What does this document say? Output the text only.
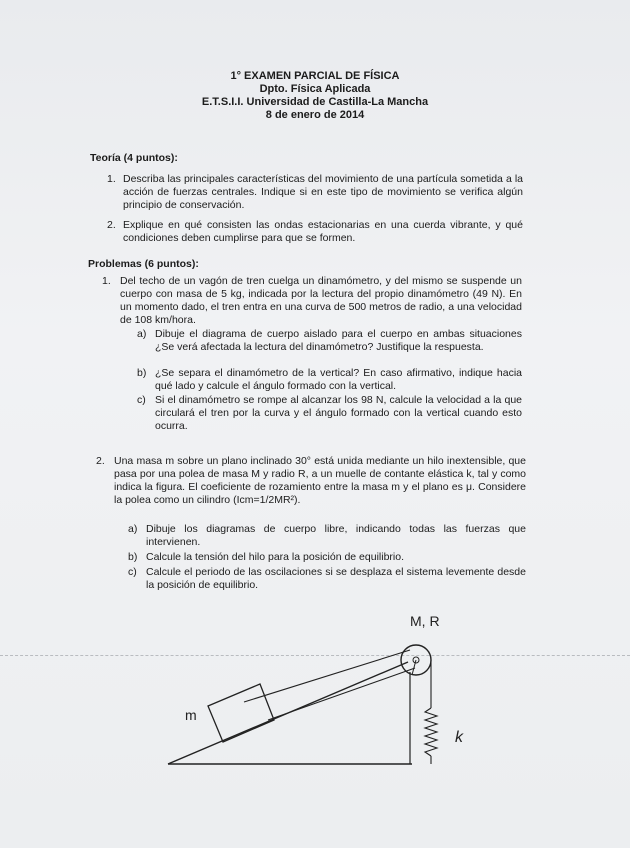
1° EXAMEN PARCIAL DE FÍSICA
Dpto. Física Aplicada
E.T.S.I.I. Universidad de Castilla-La Mancha
8 de enero de 2014
Teoría (4 puntos):
1. Describa las principales características del movimiento de una partícula sometida a la acción de fuerzas centrales. Indique si en este tipo de movimiento se verifica algún principio de conservación.
2. Explique en qué consisten las ondas estacionarias en una cuerda vibrante, y qué condiciones deben cumplirse para que se formen.
Problemas (6 puntos):
1. Del techo de un vagón de tren cuelga un dinamómetro, y del mismo se suspende un cuerpo con masa de 5 kg, indicada por la lectura del propio dinamómetro (49 N). En un momento dado, el tren entra en una curva de 500 metros de radio, a una velocidad de 108 km/hora.
a) Dibuje el diagrama de cuerpo aislado para el cuerpo en ambas situaciones ¿Se verá afectada la lectura del dinamómetro? Justifique la respuesta.
b) ¿Se separa el dinamómetro de la vertical? En caso afirmativo, indique hacia qué lado y calcule el ángulo formado con la vertical.
c) Si el dinamómetro se rompe al alcanzar los 98 N, calcule la velocidad a la que circulará el tren por la curva y el ángulo formado con la vertical cuando esto ocurra.
2. Una masa m sobre un plano inclinado 30° está unida mediante un hilo inextensible, que pasa por una polea de masa M y radio R, a un muelle de contante elástica k, tal y como indica la figura. El coeficiente de rozamiento entre la masa m y el plano es μ. Considere la polea como un cilindro (Icm=1/2MR²).
a) Dibuje los diagramas de cuerpo libre, indicando todas las fuerzas que intervienen.
b) Calcule la tensión del hilo para la posición de equilibrio.
c) Calcule el periodo de las oscilaciones si se desplaza el sistema levemente desde la posición de equilibrio.
M, R
m
k
